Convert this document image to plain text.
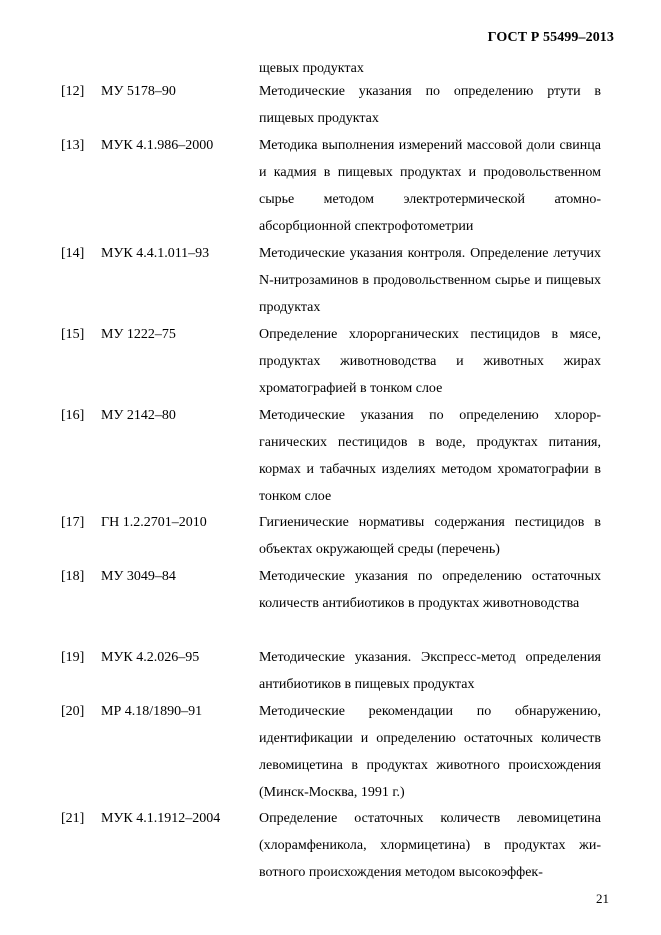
ГОСТ Р 55499–2013
щевых продуктах
[12] МУ 5178–90	Методические указания по определению ртути в пищевых продуктах
[13] МУК 4.1.986–2000	Методика выполнения измерений массовой доли свинца и кадмия в пищевых продуктах и продовольственном сырье методом электротермической атомно-абсорбционной спектрофотометрии
[14] МУК 4.4.1.011–93	Методические указания контроля. Определение летучих N-нитрозаминов в продовольственном сырье и пищевых продуктах
[15] МУ 1222–75	Определение хлорорганических пестицидов в мясе, продуктах животноводства и животных жирах хроматографией в тонком слое
[16] МУ 2142–80	Методические указания по определению хлорорганических пестицидов в воде, продуктах питания, кормах и табачных изделиях методом хроматографии в тонком слое
[17] ГН 1.2.2701–2010	Гигиенические нормативы содержания пестицидов в объектах окружающей среды (перечень)
[18] МУ 3049–84	Методические указания по определению остаточных количеств антибиотиков в продуктах животноводства
[19] МУК 4.2.026–95	Методические указания. Экспресс-метод определения антибиотиков в пищевых продуктах
[20] МР 4.18/1890–91	Методические рекомендации по обнаружению, идентификации и определению остаточных количеств левомицетина в продуктах животного происхождения (Минск-Москва, 1991 г.)
[21] МУК 4.1.1912–2004	Определение остаточных количеств левомицетина (хлорамфеникола, хлормицетина) в продуктах животного происхождения методом высокоэффек-
21
